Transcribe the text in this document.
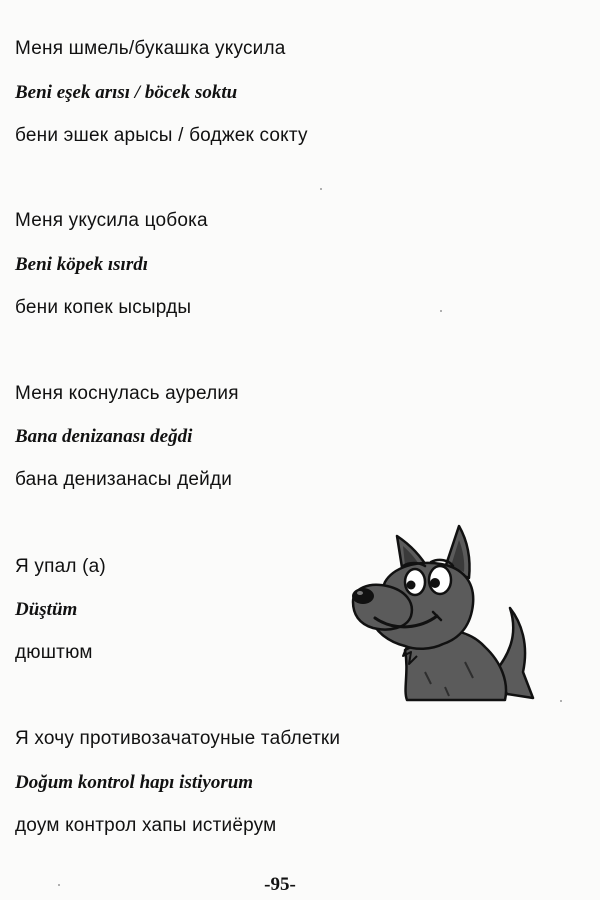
Меня шмель/букашка укусила
Beni eşek arısı / böcek soktu
бени эшек арысы / боджек сокту
Меня укусила цобока
Beni köpek ısırdı
бени копек ысырды
Меня коснулась аурелия
Bana denizanası değdi
бана денизанасы дейди
Я упал (а)
Düştüm
дюштюм
Я хочу противозачатоуные таблетки
Doğum kontrol hapı istiyorum
доум контрол хапы истиёрум
-95-
